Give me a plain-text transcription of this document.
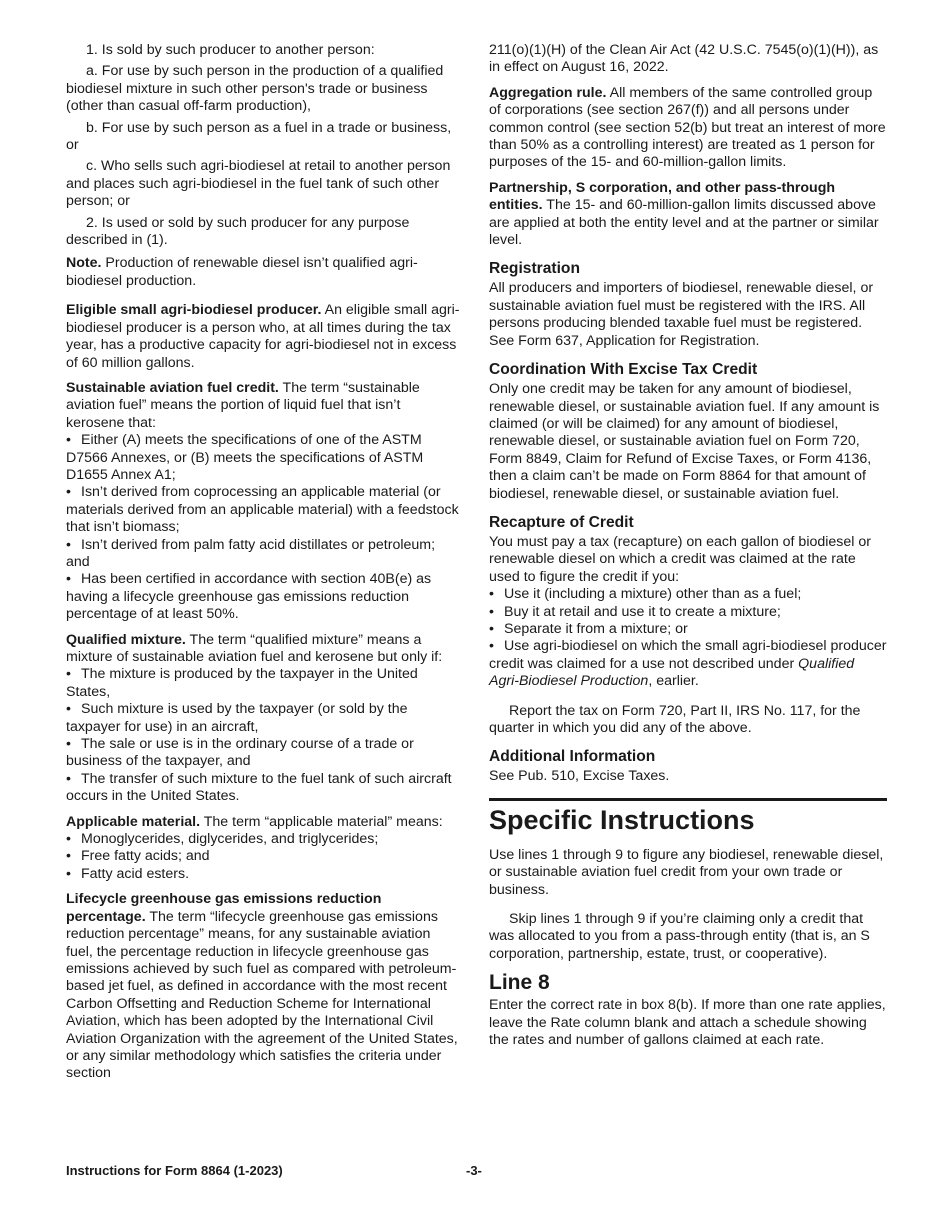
1. Is sold by such producer to another person:

a. For use by such person in the production of a qualified biodiesel mixture in such other person's trade or business (other than casual off-farm production),

b. For use by such person as a fuel in a trade or business, or

c. Who sells such agri-biodiesel at retail to another person and places such agri-biodiesel in the fuel tank of such other person; or

2. Is used or sold by such producer for any purpose described in (1).

Note. Production of renewable diesel isn’t qualified agri-biodiesel production.

Eligible small agri-biodiesel producer. An eligible small agri-biodiesel producer is a person who, at all times during the tax year, has a productive capacity for agri-biodiesel not in excess of 60 million gallons.

Sustainable aviation fuel credit. The term “sustainable aviation fuel” means the portion of liquid fuel that isn’t kerosene that:

• Either (A) meets the specifications of one of the ASTM D7566 Annexes, or (B) meets the specifications of ASTM D1655 Annex A1;

• Isn’t derived from coprocessing an applicable material (or materials derived from an applicable material) with a feedstock that isn’t biomass;

• Isn’t derived from palm fatty acid distillates or petroleum; and

• Has been certified in accordance with section 40B(e) as having a lifecycle greenhouse gas emissions reduction percentage of at least 50%.

Qualified mixture. The term “qualified mixture” means a mixture of sustainable aviation fuel and kerosene but only if:

• The mixture is produced by the taxpayer in the United States,

• Such mixture is used by the taxpayer (or sold by the taxpayer for use) in an aircraft,

• The sale or use is in the ordinary course of a trade or business of the taxpayer, and

• The transfer of such mixture to the fuel tank of such aircraft occurs in the United States.

Applicable material. The term “applicable material” means:

• Monoglycerides, diglycerides, and triglycerides;

• Free fatty acids; and

• Fatty acid esters.

Lifecycle greenhouse gas emissions reduction percentage. The term “lifecycle greenhouse gas emissions reduction percentage” means, for any sustainable aviation fuel, the percentage reduction in lifecycle greenhouse gas emissions achieved by such fuel as compared with petroleum-based jet fuel, as defined in accordance with the most recent Carbon Offsetting and Reduction Scheme for International Aviation, which has been adopted by the International Civil Aviation Organization with the agreement of the United States, or any similar methodology which satisfies the criteria under section

211(o)(1)(H) of the Clean Air Act (42 U.S.C. 7545(o)(1)(H)), as in effect on August 16, 2022.

Aggregation rule. All members of the same controlled group of corporations (see section 267(f)) and all persons under common control (see section 52(b) but treat an interest of more than 50% as a controlling interest) are treated as 1 person for purposes of the 15- and 60-million-gallon limits.

Partnership, S corporation, and other pass-through entities. The 15- and 60-million-gallon limits discussed above are applied at both the entity level and at the partner or similar level.

Registration

All producers and importers of biodiesel, renewable diesel, or sustainable aviation fuel must be registered with the IRS. All persons producing blended taxable fuel must be registered. See Form 637, Application for Registration.

Coordination With Excise Tax Credit

Only one credit may be taken for any amount of biodiesel, renewable diesel, or sustainable aviation fuel. If any amount is claimed (or will be claimed) for any amount of biodiesel, renewable diesel, or sustainable aviation fuel on Form 720, Form 8849, Claim for Refund of Excise Taxes, or Form 4136, then a claim can’t be made on Form 8864 for that amount of biodiesel, renewable diesel, or sustainable aviation fuel.

Recapture of Credit

You must pay a tax (recapture) on each gallon of biodiesel or renewable diesel on which a credit was claimed at the rate used to figure the credit if you:

• Use it (including a mixture) other than as a fuel;

• Buy it at retail and use it to create a mixture;

• Separate it from a mixture; or

• Use agri-biodiesel on which the small agri-biodiesel producer credit was claimed for a use not described under Qualified Agri-Biodiesel Production, earlier.

Report the tax on Form 720, Part II, IRS No. 117, for the quarter in which you did any of the above.

Additional Information

See Pub. 510, Excise Taxes.

Specific Instructions

Use lines 1 through 9 to figure any biodiesel, renewable diesel, or sustainable aviation fuel credit from your own trade or business.

Skip lines 1 through 9 if you’re claiming only a credit that was allocated to you from a pass-through entity (that is, an S corporation, partnership, estate, trust, or cooperative).

Line 8

Enter the correct rate in box 8(b). If more than one rate applies, leave the Rate column blank and attach a schedule showing the rates and number of gallons claimed at each rate.

Instructions for Form 8864 (1-2023)	-3-
